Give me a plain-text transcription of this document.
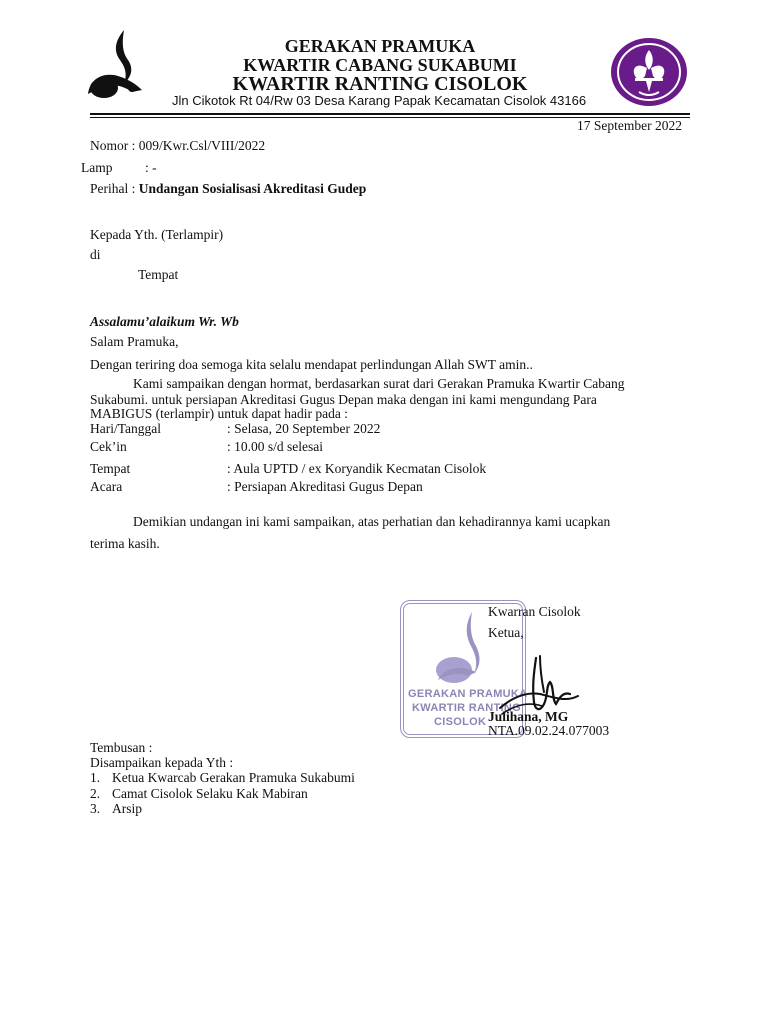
GERAKAN PRAMUKA
KWARTIR CABANG SUKABUMI
KWARTIR RANTING CISOLOK
Jln Cikotok Rt 04/Rw 03 Desa Karang Papak Kecamatan Cisolok 43166
17 September 2022
Nomor : 009/Kwr.Csl/VIII/2022
Lamp : -
Perihal : Undangan Sosialisasi Akreditasi Gudep
Kepada Yth. (Terlampir)
di
Tempat
Assalamu’alaikum Wr. Wb
Salam Pramuka,
Dengan teriring doa semoga kita selalu mendapat perlindungan Allah SWT amin..
Kami sampaikan dengan hormat, berdasarkan surat dari Gerakan Pramuka Kwartir Cabang
Sukabumi. untuk persiapan Akreditasi Gugus Depan maka dengan ini kami mengundang Para
MABIGUS (terlampir) untuk dapat hadir pada :
Hari/Tanggal	: Selasa, 20 September 2022
Cek’in	: 10.00 s/d selesai
Tempat	: Aula UPTD / ex Koryandik Kecmatan Cisolok
Acara	: Persiapan Akreditasi Gugus Depan
Demikian undangan ini kami sampaikan, atas perhatian dan kehadirannya kami ucapkan
terima kasih.
GERAKAN PRAMUKA
KWARTIR RANTING
CISOLOK
Kwarran Cisolok
Ketua,
Julihana, MG
NTA.09.02.24.077003
Tembusan :
Disampaikan kepada Yth :
1. Ketua Kwarcab Gerakan Pramuka Sukabumi
2. Camat Cisolok Selaku Kak Mabiran
3. Arsip
